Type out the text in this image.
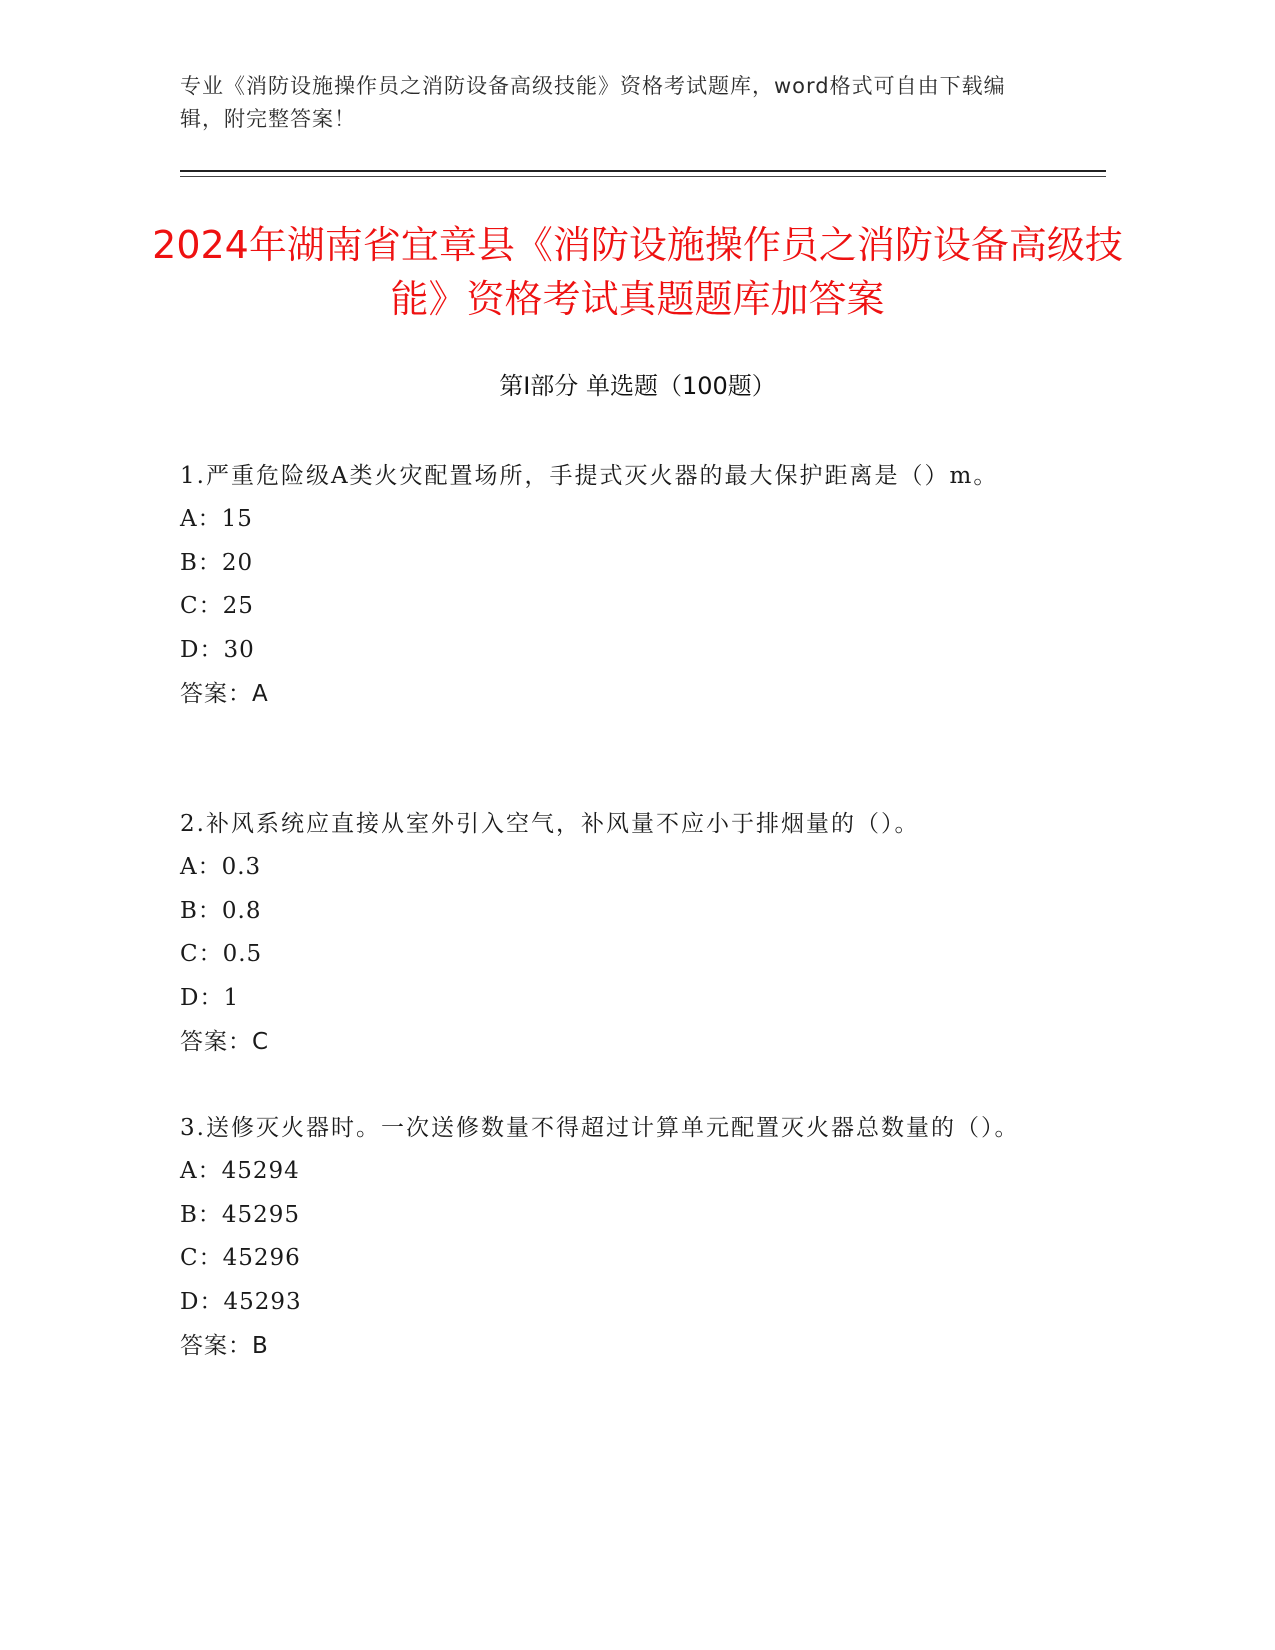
专业《消防设施操作员之消防设备高级技能》资格考试题库，word格式可自由下载编辑，附完整答案！
2024年湖南省宜章县《消防设施操作员之消防设备高级技能》资格考试真题题库加答案
第Ⅰ部分 单选题（100题）
1.严重危险级A类火灾配置场所，手提式灭火器的最大保护距离是（）m。
A：15
B：20
C：25
D：30
答案：A
2.补风系统应直接从室外引入空气，补风量不应小于排烟量的（）。
A：0.3
B：0.8
C：0.5
D：1
答案：C
3.送修灭火器时。一次送修数量不得超过计算单元配置灭火器总数量的（）。
A：45294
B：45295
C：45296
D：45293
答案：B
